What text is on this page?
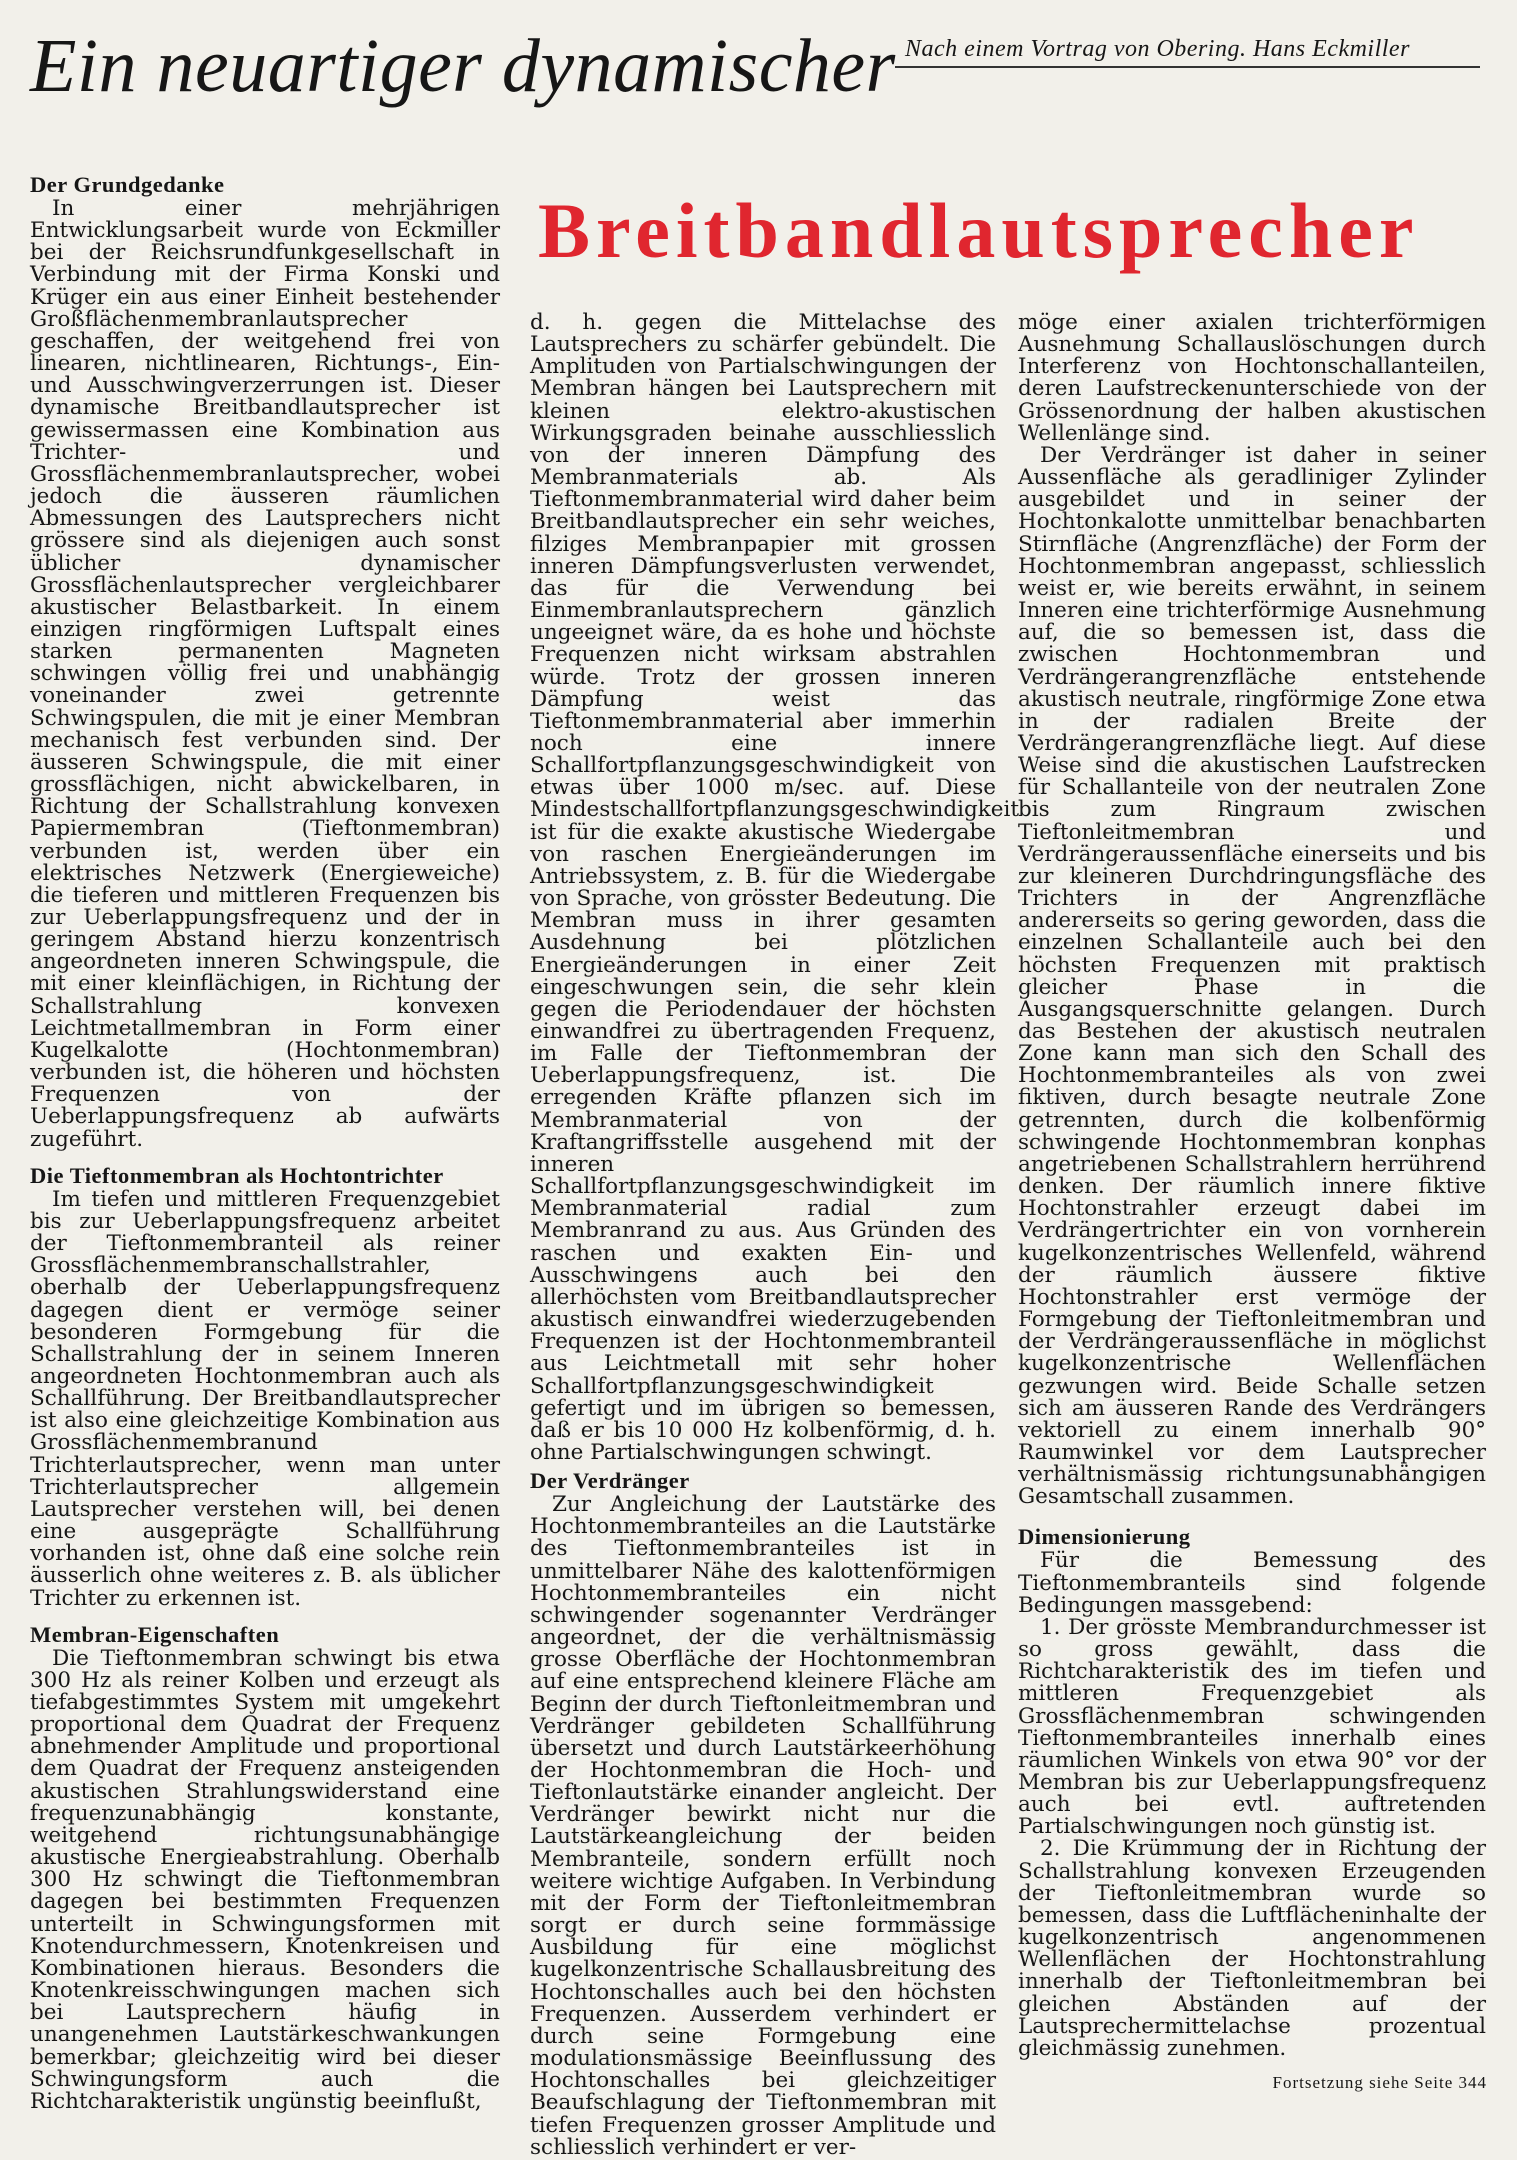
Nach einem Vortrag von Obering. Hans Eckmiller
Ein neuartiger dynamischer
Breitbandlautsprecher
Der Grundgedanke

In einer mehrjährigen Entwicklungsarbeit wurde von Eckmiller bei der Reichsrundfunkgesellschaft in Verbindung mit der Firma Konski und Krüger ein aus einer Einheit bestehender Großflächenmembranlautsprecher geschaffen, der weitgehend frei von linearen, nichtlinearen, Richtungs-, Ein- und Ausschwingverzerrungen ist. Dieser dynamische Breitbandlautsprecher ist gewissermassen eine Kombination aus Trichter- und Grossflächenmembranlautsprecher, wobei jedoch die äusseren räumlichen Abmessungen des Lautsprechers nicht grössere sind als diejenigen auch sonst üblicher dynamischer Grossflächenlautsprecher vergleichbarer akustischer Belastbarkeit. In einem einzigen ringförmigen Luftspalt eines starken permanenten Magneten schwingen völlig frei und unabhängig voneinander zwei getrennte Schwingspulen, die mit je einer Membran mechanisch fest verbunden sind. Der äusseren Schwingspule, die mit einer grossflächigen, nicht abwickelbaren, in Richtung der Schallstrahlung konvexen Papiermembran (Tieftonmembran) verbunden ist, werden über ein elektrisches Netzwerk (Energieweiche) die tieferen und mittleren Frequenzen bis zur Ueberlappungsfrequenz und der in geringem Abstand hierzu konzentrisch angeordneten inneren Schwingspule, die mit einer kleinflächigen, in Richtung der Schallstrahlung konvexen Leichtmetallmembran in Form einer Kugelkalotte (Hochtonmembran) verbunden ist, die höheren und höchsten Frequenzen von der Ueberlappungsfrequenz ab aufwärts zugeführt.

Die Tieftonmembran als Hochtontrichter

Im tiefen und mittleren Frequenzgebiet bis zur Ueberlappungsfrequenz arbeitet der Tieftonmembranteil als reiner Grossflächenmembranschallstrahler, oberhalb der Ueberlappungsfrequenz dagegen dient er vermöge seiner besonderen Formgebung für die Schallstrahlung der in seinem Inneren angeordneten Hochtonmembran auch als Schallführung. Der Breitbandlautsprecher ist also eine gleichzeitige Kombination aus Grossflächenmembranund Trichterlautsprecher, wenn man unter Trichterlautsprecher allgemein Lautsprecher verstehen will, bei denen eine ausgeprägte Schallführung vorhanden ist, ohne daß eine solche rein äusserlich ohne weiteres z. B. als üblicher Trichter zu erkennen ist.

Membran-Eigenschaften

Die Tieftonmembran schwingt bis etwa 300 Hz als reiner Kolben und erzeugt als tiefabgestimmtes System mit umgekehrt proportional dem Quadrat der Frequenz abnehmender Amplitude und proportional dem Quadrat der Frequenz ansteigenden akustischen Strahlungswiderstand eine frequenzunabhängig konstante, weitgehend richtungsunabhängige akustische Energieabstrahlung. Oberhalb 300 Hz schwingt die Tieftonmembran dagegen bei bestimmten Frequenzen unterteilt in Schwingungsformen mit Knotendurchmessern, Knotenkreisen und Kombinationen hieraus. Besonders die Knotenkreisschwingungen machen sich bei Lautsprechern häufig in unangenehmen Lautstärkeschwankungen bemerkbar; gleichzeitig wird bei dieser Schwingungsform auch die Richtcharakteristik ungünstig beeinflußt,

d. h. gegen die Mittelachse des Lautsprechers zu schärfer gebündelt. Die Amplituden von Partialschwingungen der Membran hängen bei Lautsprechern mit kleinen elektro-akustischen Wirkungsgraden beinahe ausschliesslich von der inneren Dämpfung des Membranmaterials ab. Als Tieftonmembranmaterial wird daher beim Breitbandlautsprecher ein sehr weiches, filziges Membranpapier mit grossen inneren Dämpfungsverlusten verwendet, das für die Verwendung bei Einmembranlautsprechern gänzlich ungeeignet wäre, da es hohe und höchste Frequenzen nicht wirksam abstrahlen würde. Trotz der grossen inneren Dämpfung weist das Tieftonmembranmaterial aber immerhin noch eine innere Schallfortpflanzungsgeschwindigkeit von etwas über 1000 m/sec. auf. Diese Mindestschallfortpflanzungsgeschwindigkeit ist für die exakte akustische Wiedergabe von raschen Energieänderungen im Antriebssystem, z. B. für die Wiedergabe von Sprache, von grösster Bedeutung. Die Membran muss in ihrer gesamten Ausdehnung bei plötzlichen Energieänderungen in einer Zeit eingeschwungen sein, die sehr klein gegen die Periodendauer der höchsten einwandfrei zu übertragenden Frequenz, im Falle der Tieftonmembran der Ueberlappungsfrequenz, ist. Die erregenden Kräfte pflanzen sich im Membranmaterial von der Kraftangriffsstelle ausgehend mit der inneren Schallfortpflanzungsgeschwindigkeit im Membranmaterial radial zum Membranrand zu aus. Aus Gründen des raschen und exakten Ein- und Ausschwingens auch bei den allerhöchsten vom Breitbandlautsprecher akustisch einwandfrei wiederzugebenden Frequenzen ist der Hochtonmembranteil aus Leichtmetall mit sehr hoher Schallfortpflanzungsgeschwindigkeit gefertigt und im übrigen so bemessen, daß er bis 10 000 Hz kolbenförmig, d. h. ohne Partialschwingungen schwingt.

Der Verdränger

Zur Angleichung der Lautstärke des Hochtonmembranteiles an die Lautstärke des Tieftonmembranteiles ist in unmittelbarer Nähe des kalottenförmigen Hochtonmembranteiles ein nicht schwingender sogenannter Verdränger angeordnet, der die verhältnismässig grosse Oberfläche der Hochtonmembran auf eine entsprechend kleinere Fläche am Beginn der durch Tieftonleitmembran und Verdränger gebildeten Schallführung übersetzt und durch Lautstärkeerhöhung der Hochtonmembran die Hoch- und Tieftonlautstärke einander angleicht. Der Verdränger bewirkt nicht nur die Lautstärkeangleichung der beiden Membranteile, sondern erfüllt noch weitere wichtige Aufgaben. In Verbindung mit der Form der Tieftonleitmembran sorgt er durch seine formmässige Ausbildung für eine möglichst kugelkonzentrische Schallausbreitung des Hochtonschalles auch bei den höchsten Frequenzen. Ausserdem verhindert er durch seine Formgebung eine modulationsmässige Beeinflussung des Hochtonschalles bei gleichzeitiger Beaufschlagung der Tieftonmembran mit tiefen Frequenzen grosser Amplitude und schliesslich verhindert er ver-

möge einer axialen trichterförmigen Ausnehmung Schallauslöschungen durch Interferenz von Hochtonschallanteilen, deren Laufstreckenunterschiede von der Grössenordnung der halben akustischen Wellenlänge sind.

Der Verdränger ist daher in seiner Aussenfläche als geradliniger Zylinder ausgebildet und in seiner der Hochtonkalotte unmittelbar benachbarten Stirnfläche (Angrenzfläche) der Form der Hochtonmembran angepasst, schliesslich weist er, wie bereits erwähnt, in seinem Inneren eine trichterförmige Ausnehmung auf, die so bemessen ist, dass die zwischen Hochtonmembran und Verdrängerangrenzfläche entstehende akustisch neutrale, ringförmige Zone etwa in der radialen Breite der Verdrängerangrenzfläche liegt. Auf diese Weise sind die akustischen Laufstrecken für Schallanteile von der neutralen Zone bis zum Ringraum zwischen Tieftonleitmembran und Verdrängeraussenfläche einerseits und bis zur kleineren Durchdringungsfläche des Trichters in der Angrenzfläche andererseits so gering geworden, dass die einzelnen Schallanteile auch bei den höchsten Frequenzen mit praktisch gleicher Phase in die Ausgangsquerschnitte gelangen. Durch das Bestehen der akustisch neutralen Zone kann man sich den Schall des Hochtonmembranteiles als von zwei fiktiven, durch besagte neutrale Zone getrennten, durch die kolbenförmig schwingende Hochtonmembran konphas angetriebenen Schallstrahlern herrührend denken. Der räumlich innere fiktive Hochtonstrahler erzeugt dabei im Verdrängertrichter ein von vornherein kugelkonzentrisches Wellenfeld, während der räumlich äussere fiktive Hochtonstrahler erst vermöge der Formgebung der Tieftonleitmembran und der Verdrängeraussenfläche in möglichst kugelkonzentrische Wellenflächen gezwungen wird. Beide Schalle setzen sich am äusseren Rande des Verdrängers vektoriell zu einem innerhalb 90° Raumwinkel vor dem Lautsprecher verhältnismässig richtungsunabhängigen Gesamtschall zusammen.

Dimensionierung

Für die Bemessung des Tieftonmembranteils sind folgende Bedingungen massgebend:

1. Der grösste Membrandurchmesser ist so gross gewählt, dass die Richtcharakteristik des im tiefen und mittleren Frequenzgebiet als Grossflächenmembran schwingenden Tieftonmembranteiles innerhalb eines räumlichen Winkels von etwa 90° vor der Membran bis zur Ueberlappungsfrequenz auch bei evtl. auftretenden Partialschwingungen noch günstig ist.

2. Die Krümmung der in Richtung der Schallstrahlung konvexen Erzeugenden der Tieftonleitmembran wurde so bemessen, dass die Luftflächeninhalte der kugelkonzentrisch angenommenen Wellenflächen der Hochtonstrahlung innerhalb der Tieftonleitmembran bei gleichen Abständen auf der Lautsprechermittelachse prozentual gleichmässig zunehmen.

Fortsetzung siehe Seite 344
